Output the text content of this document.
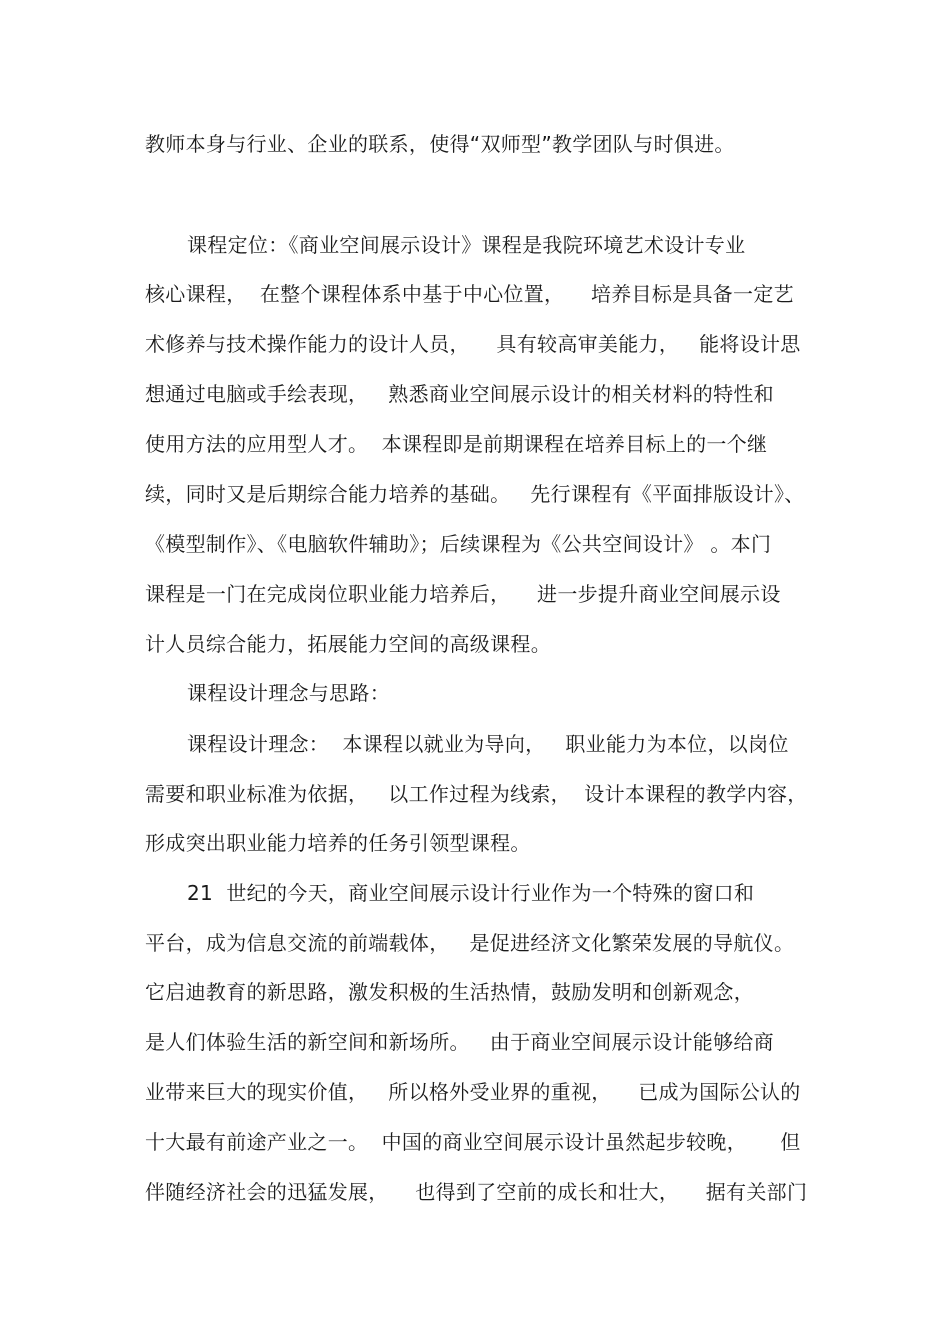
教师本身与行业、企业的联系，使得“双师型”教学团队与时俱进。
课程定位：《商业空间展示设计》课程是我院环境艺术设计专业
核心课程，  在整个课程体系中基于中心位置，    培养目标是具备一定艺
术修养与技术操作能力的设计人员，    具有较高审美能力，   能将设计思
想通过电脑或手绘表现，   熟悉商业空间展示设计的相关材料的特性和
使用方法的应用型人才。  本课程即是前期课程在培养目标上的一个继
续，同时又是后期综合能力培养的基础。   先行课程有《平面排版设计》、
《模型制作》、《电脑软件辅助》；后续课程为《公共空间设计》 。本门
课程是一门在完成岗位职业能力培养后，    进一步提升商业空间展示设
计人员综合能力，拓展能力空间的高级课程。
课程设计理念与思路：
课程设计理念：  本课程以就业为导向，   职业能力为本位，以岗位
需要和职业标准为依据，   以工作过程为线索，  设计本课程的教学内容，
形成突出职业能力培养的任务引领型课程。
21  世纪的今天，商业空间展示设计行业作为一个特殊的窗口和
平台，成为信息交流的前端载体，   是促进经济文化繁荣发展的导航仪。
它启迪教育的新思路，激发积极的生活热情，鼓励发明和创新观念，
是人们体验生活的新空间和新场所。   由于商业空间展示设计能够给商
业带来巨大的现实价值，   所以格外受业界的重视，    已成为国际公认的
十大最有前途产业之一。  中国的商业空间展示设计虽然起步较晚，     但
伴随经济社会的迅猛发展，    也得到了空前的成长和壮大，    据有关部门
